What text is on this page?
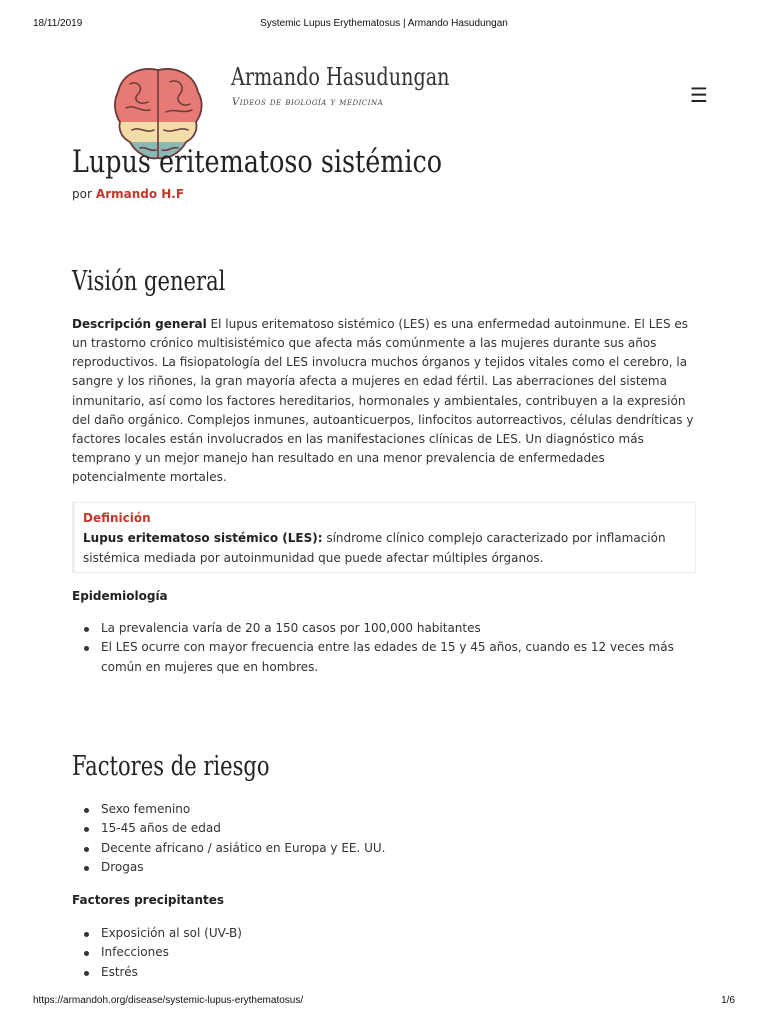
18/11/2019	Systemic Lupus Erythematosus | Armando Hasudungan
Armando Hasudungan
Videos de biología y medicina	☰
Lupus eritematoso sistémico
por Armando H.F
Visión general

Descripción general El lupus eritematoso sistémico (LES) es una enfermedad autoinmune. El LES es un trastorno crónico multisistémico que afecta más comúnmente a las mujeres durante sus años reproductivos. La fisiopatología del LES involucra muchos órganos y tejidos vitales como el cerebro, la sangre y los riñones, la gran mayoría afecta a mujeres en edad fértil. Las aberraciones del sistema inmunitario, así como los factores hereditarios, hormonales y ambientales, contribuyen a la expresión del daño orgánico. Complejos inmunes, autoanticuerpos, linfocitos autorreactivos, células dendríticas y factores locales están involucrados en las manifestaciones clínicas de LES. Un diagnóstico más temprano y un mejor manejo han resultado en una menor prevalencia de enfermedades potencialmente mortales.

Definición

Lupus eritematoso sistémico (LES): síndrome clínico complejo caracterizado por inflamación sistémica mediada por autoinmunidad que puede afectar múltiples órganos.

Epidemiología
La prevalencia varía de 20 a 150 casos por 100,000 habitantes
El LES ocurre con mayor frecuencia entre las edades de 15 y 45 años, cuando es 12 veces más común en mujeres que en hombres.
Factores de riesgo
Sexo femenino
15-45 años de edad
Decente africano / asiático en Europa y EE. UU.
Drogas
Factores precipitantes
Exposición al sol (UV-B)
Infecciones
Estrés
https://armandoh.org/disease/systemic-lupus-erythematosus/	1/6
